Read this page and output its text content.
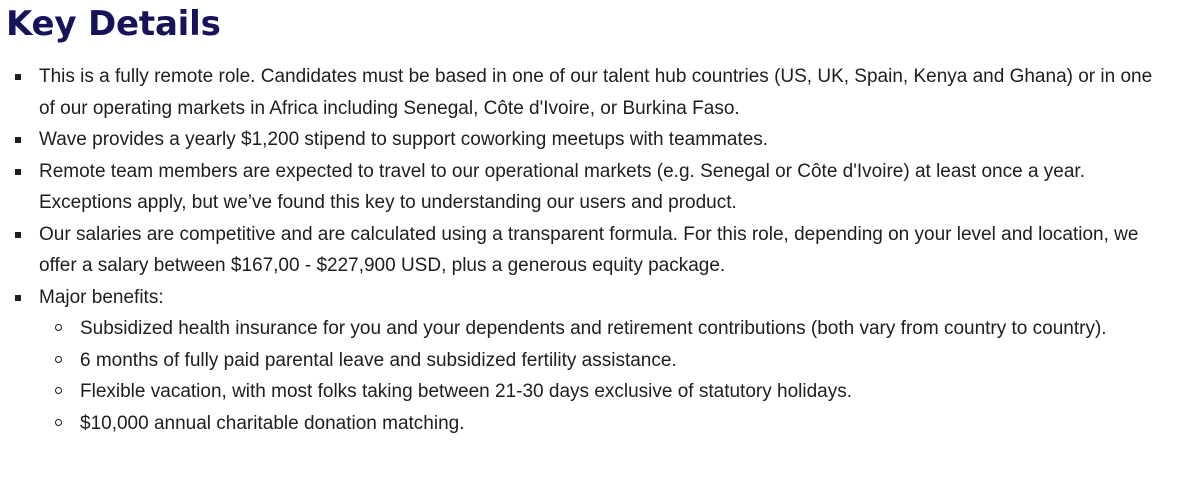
Key Details
This is a fully remote role. Candidates must be based in one of our talent hub countries (US, UK, Spain, Kenya and Ghana) or in one of our operating markets in Africa including Senegal, Côte d'Ivoire, or Burkina Faso.
Wave provides a yearly $1,200 stipend to support coworking meetups with teammates.
Remote team members are expected to travel to our operational markets (e.g. Senegal or Côte d'Ivoire) at least once a year. Exceptions apply, but we’ve found this key to understanding our users and product.
Our salaries are competitive and are calculated using a transparent formula. For this role, depending on your level and location, we offer a salary between $167,00 - $227,900 USD, plus a generous equity package.
Major benefits:
Subsidized health insurance for you and your dependents and retirement contributions (both vary from country to country).
6 months of fully paid parental leave and subsidized fertility assistance.
Flexible vacation, with most folks taking between 21-30 days exclusive of statutory holidays.
$10,000 annual charitable donation matching.
